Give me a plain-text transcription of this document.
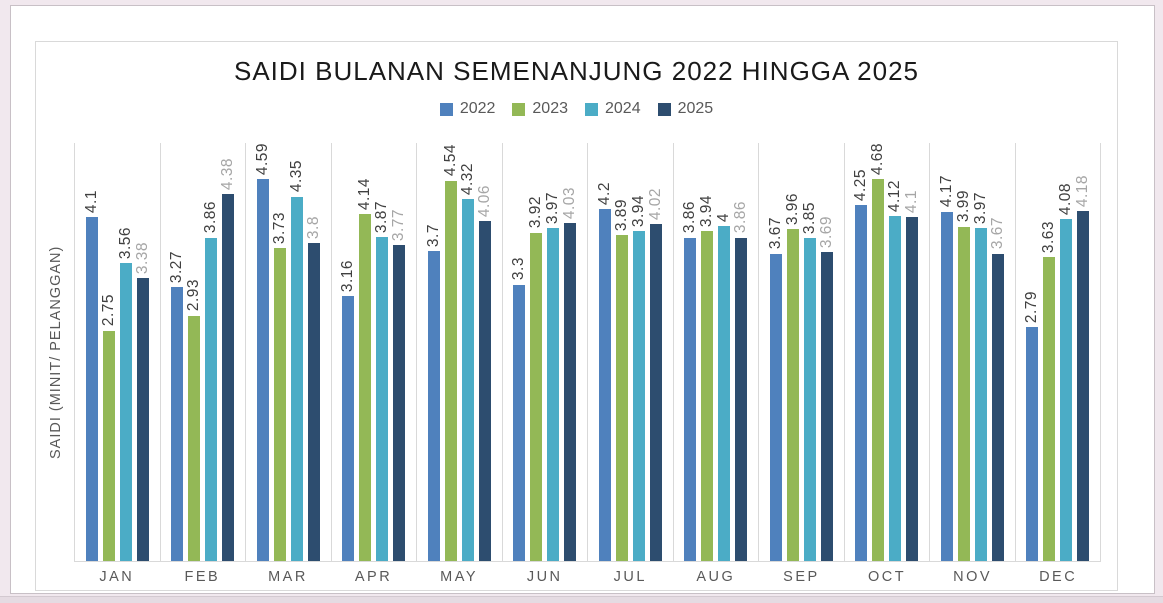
SAIDI BULANAN SEMENANJUNG 2022 HINGGA 2025
2022 2023 2024 2025
SAIDI (MINIT/ PELANGGAN)
4.1
2.75
3.56 3.38 3.27
2.93
3.86
4.38 4.59
3.73
4.35
3.8
3.16
4.14
3.87 3.77 3.7
4.54
4.32
4.06
3.3
3.92 3.97 4.03 4.2
3.89 3.94 4.02 3.86 3.94 4 3.86 3.67
3.96 3.85 3.69
4.25
4.68
4.12 4.1 4.17 3.99 3.97
3.67
2.79
3.63
4.08 4.18
JAN	FEB	MAR	APR	MAY	JUN	JUL	AUG	SEP	OCT	NOV	DEC
